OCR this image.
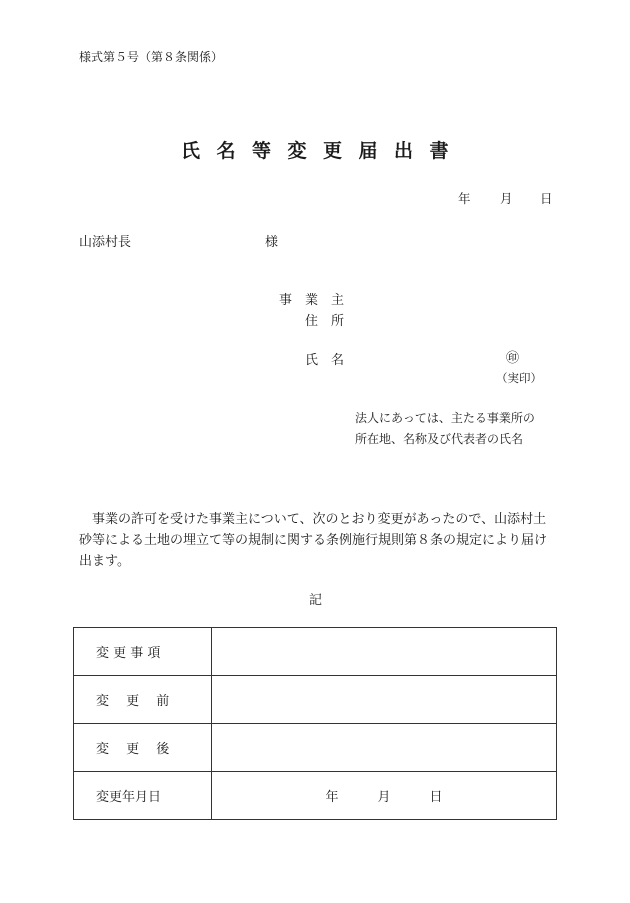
様式第５号（第８条関係）
氏名等変更届出書
年 月 日
山添村長	様
事　業　主
住　所
氏　名	㊞
（実印）
法人にあっては、主たる事業所の
所在地、名称及び代表者の氏名
　事業の許可を受けた事業主について、次のとおり変更があったので、山添村土砂等による土地の埋立て等の規制に関する条例施行規則第８条の規定により届け出ます。
記
変 更 事 項	
変　 更 　前	
変　 更 　後	
変更年月日	年　　　月　　　日
